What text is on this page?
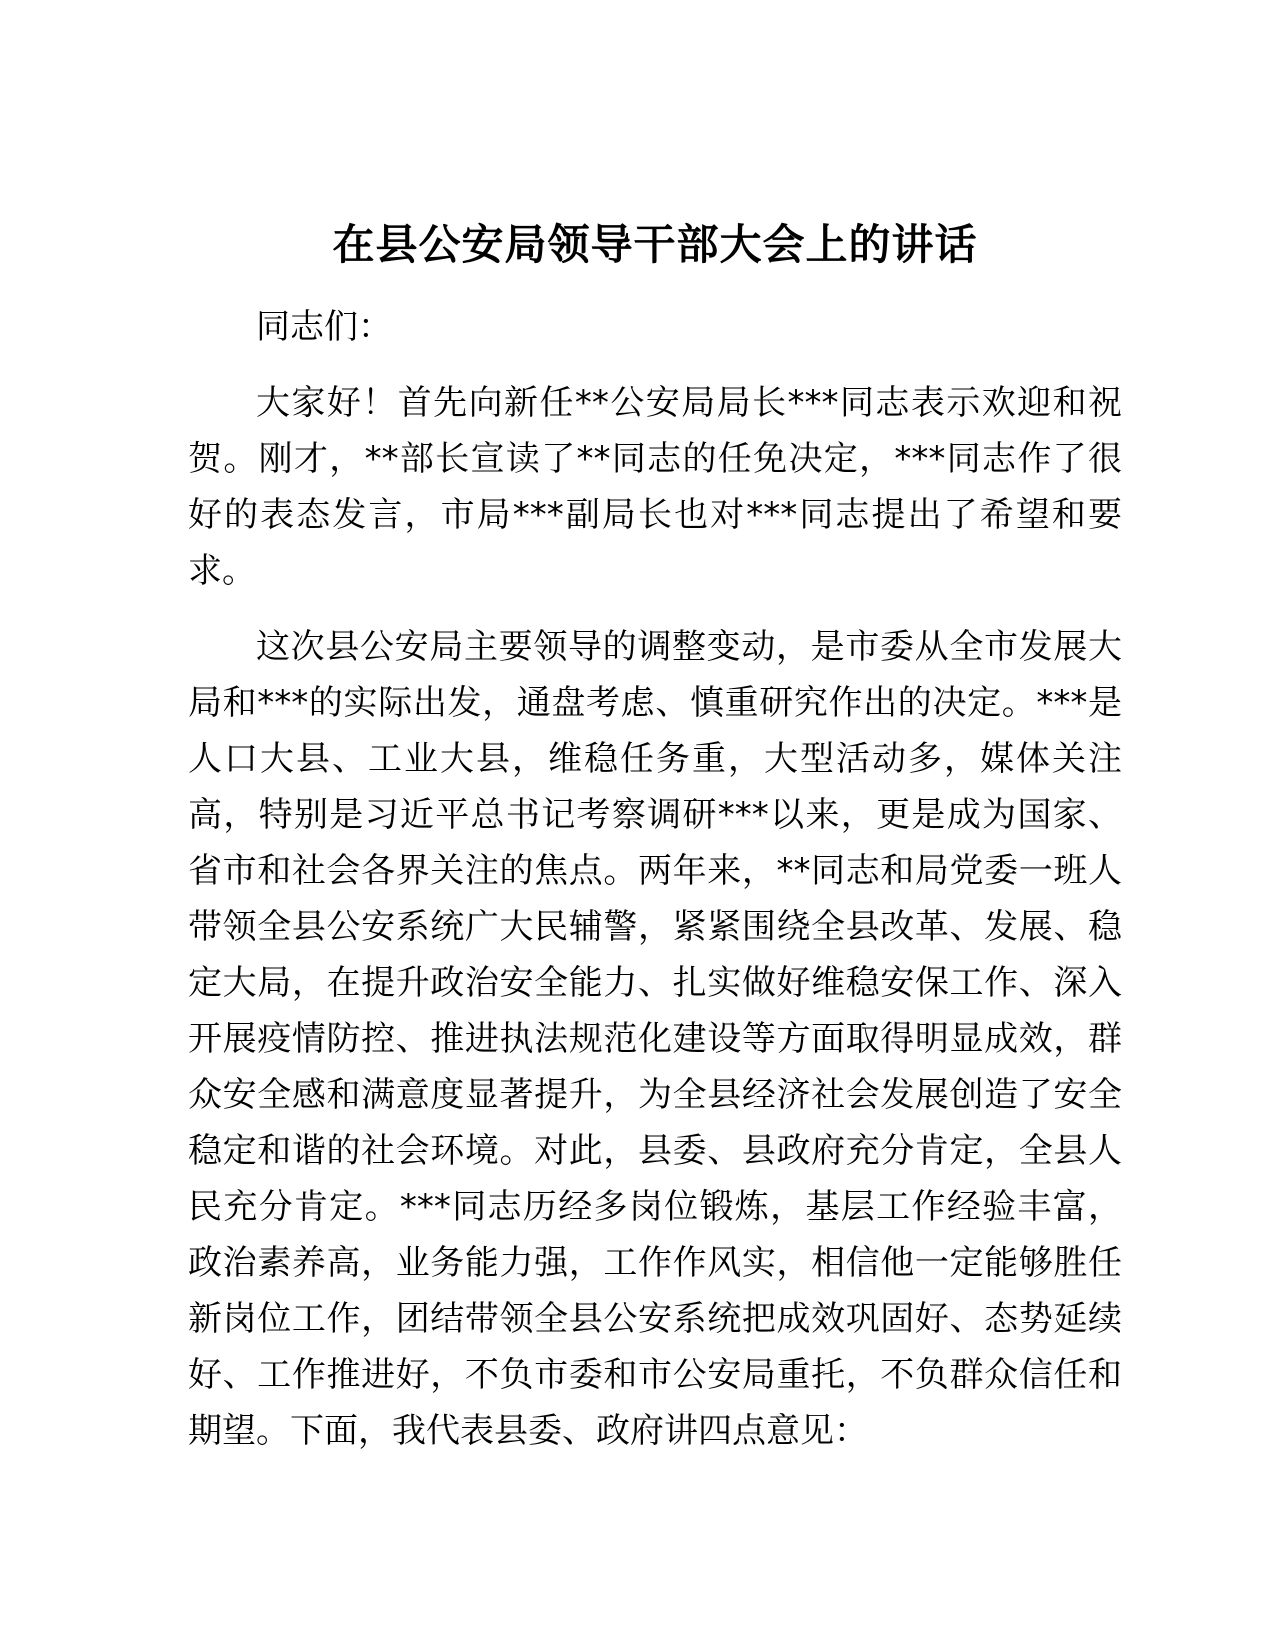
在县公安局领导干部大会上的讲话

同志们：

大家好！首先向新任**公安局局长***同志表示欢迎和祝
贺。刚才，**部长宣读了**同志的任免决定，***同志作了很
好的表态发言，市局***副局长也对***同志提出了希望和要
求。

这次县公安局主要领导的调整变动，是市委从全市发展大
局和***的实际出发，通盘考虑、慎重研究作出的决定。***是
人口大县、工业大县，维稳任务重，大型活动多，媒体关注
高，特别是习近平总书记考察调研***以来，更是成为国家、
省市和社会各界关注的焦点。两年来，**同志和局党委一班人
带领全县公安系统广大民辅警，紧紧围绕全县改革、发展、稳
定大局，在提升政治安全能力、扎实做好维稳安保工作、深入
开展疫情防控、推进执法规范化建设等方面取得明显成效，群
众安全感和满意度显著提升，为全县经济社会发展创造了安全
稳定和谐的社会环境。对此，县委、县政府充分肯定，全县人
民充分肯定。***同志历经多岗位锻炼，基层工作经验丰富，
政治素养高，业务能力强，工作作风实，相信他一定能够胜任
新岗位工作，团结带领全县公安系统把成效巩固好、态势延续
好、工作推进好，不负市委和市公安局重托，不负群众信任和
期望。下面，我代表县委、政府讲四点意见：
